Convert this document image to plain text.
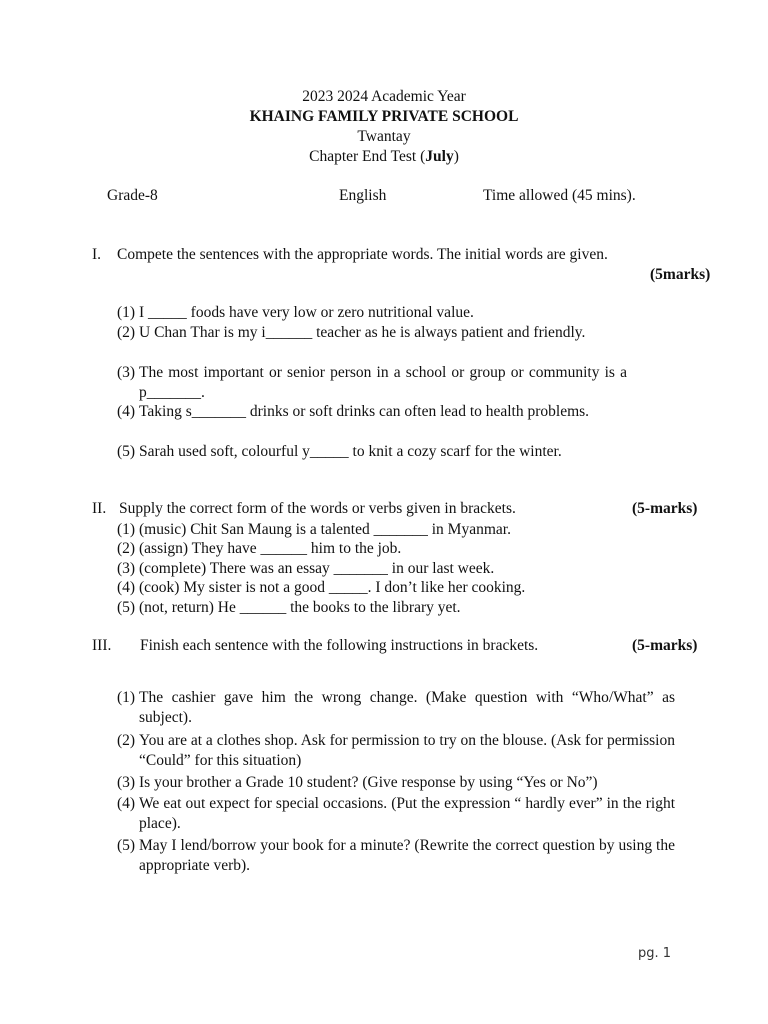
2023 2024 Academic Year
KHAING FAMILY PRIVATE SCHOOL
Twantay
Chapter End Test (July)
Grade-8	English	Time allowed (45 mins).
I. Compete the sentences with the appropriate words. The initial words are given.
(5marks)
(1) I _____ foods have very low or zero nutritional value.
(2) U Chan Thar is my i______ teacher as he is always patient and friendly.
(3) The most important or senior person in a school or group or community is a p_______.
(4) Taking s_______ drinks or soft drinks can often lead to health problems.
(5) Sarah used soft, colourful y_____ to knit a cozy scarf for the winter.
II. Supply the correct form of the words or verbs given in brackets.	(5-marks)
(1) (music) Chit San Maung is a talented _______ in Myanmar.
(2) (assign) They have ______ him to the job.
(3) (complete) There was an essay _______ in our last week.
(4) (cook) My sister is not a good _____. I don’t like her cooking.
(5) (not, return) He ______ the books to the library yet.
III. Finish each sentence with the following instructions in brackets.	(5-marks)
(1) The cashier gave him the wrong change. (Make question with “Who/What” as subject).
(2) You are at a clothes shop. Ask for permission to try on the blouse. (Ask for permission “Could” for this situation)
(3) Is your brother a Grade 10 student? (Give response by using “Yes or No”)
(4) We eat out expect for special occasions. (Put the expression “ hardly ever” in the right place).
(5) May I lend/borrow your book for a minute? (Rewrite the correct question by using the appropriate verb).
pg. 1
